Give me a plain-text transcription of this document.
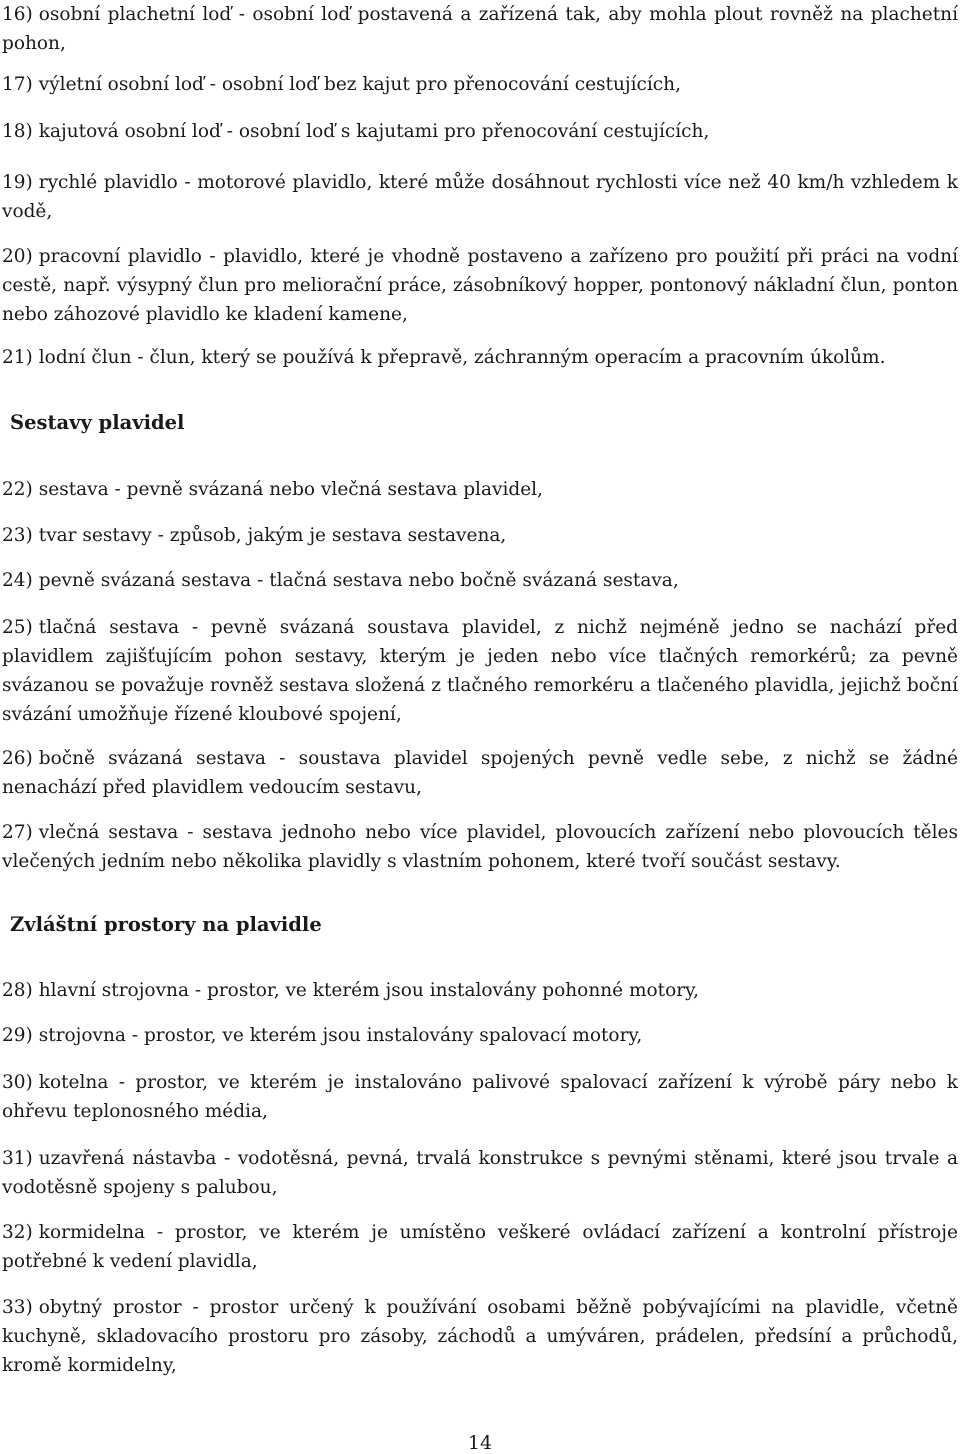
16) osobní plachetní loď - osobní loď postavená a zařízená tak, aby mohla plout rovněž na plachetní pohon,
17) výletní osobní loď - osobní loď bez kajut pro přenocování cestujících,
18) kajutová osobní loď - osobní loď s kajutami pro přenocování cestujících,
19) rychlé plavidlo - motorové plavidlo, které může dosáhnout rychlosti více než 40 km/h vzhledem k vodě,
20) pracovní plavidlo - plavidlo, které je vhodně postaveno a zařízeno pro použití při práci na vodní cestě, např. výsypný člun pro meliorační práce, zásobníkový hopper, pontonový nákladní člun, ponton nebo záhozové plavidlo ke kladení kamene,
21) lodní člun - člun, který se používá k přepravě, záchranným operacím a pracovním úkolům.
Sestavy plavidel
22) sestava - pevně svázaná nebo vlečná sestava plavidel,
23) tvar sestavy - způsob, jakým je sestava sestavena,
24) pevně svázaná sestava - tlačná sestava nebo bočně svázaná sestava,
25) tlačná sestava - pevně svázaná soustava plavidel, z nichž nejméně jedno se nachází před plavidlem zajišťujícím pohon sestavy, kterým je jeden nebo více tlačných remorkérů; za pevně svázanou se považuje rovněž sestava složená z tlačného remorkéru a tlačeného plavidla, jejichž boční svázání umožňuje řízené kloubové spojení,
26) bočně svázaná sestava - soustava plavidel spojených pevně vedle sebe, z nichž se žádné nenachází před plavidlem vedoucím sestavu,
27) vlečná sestava - sestava jednoho nebo více plavidel, plovoucích zařízení nebo plovoucích těles vlečených jedním nebo několika plavidly s vlastním pohonem, které tvoří součást sestavy.
Zvláštní prostory na plavidle
28) hlavní strojovna - prostor, ve kterém jsou instalovány pohonné motory,
29) strojovna - prostor, ve kterém jsou instalovány spalovací motory,
30) kotelna - prostor, ve kterém je instalováno palivové spalovací zařízení k výrobě páry nebo k ohřevu teplonosného média,
31) uzavřená nástavba - vodotěsná, pevná, trvalá konstrukce s pevnými stěnami, které jsou trvale a vodotěsně spojeny s palubou,
32) kormidelna - prostor, ve kterém je umístěno veškeré ovládací zařízení a kontrolní přístroje potřebné k vedení plavidla,
33) obytný prostor - prostor určený k používání osobami běžně pobývajícími na plavidle, včetně kuchyně, skladovacího prostoru pro zásoby, záchodů a umýváren, prádelen, předsíní a průchodů, kromě kormidelny,
14
